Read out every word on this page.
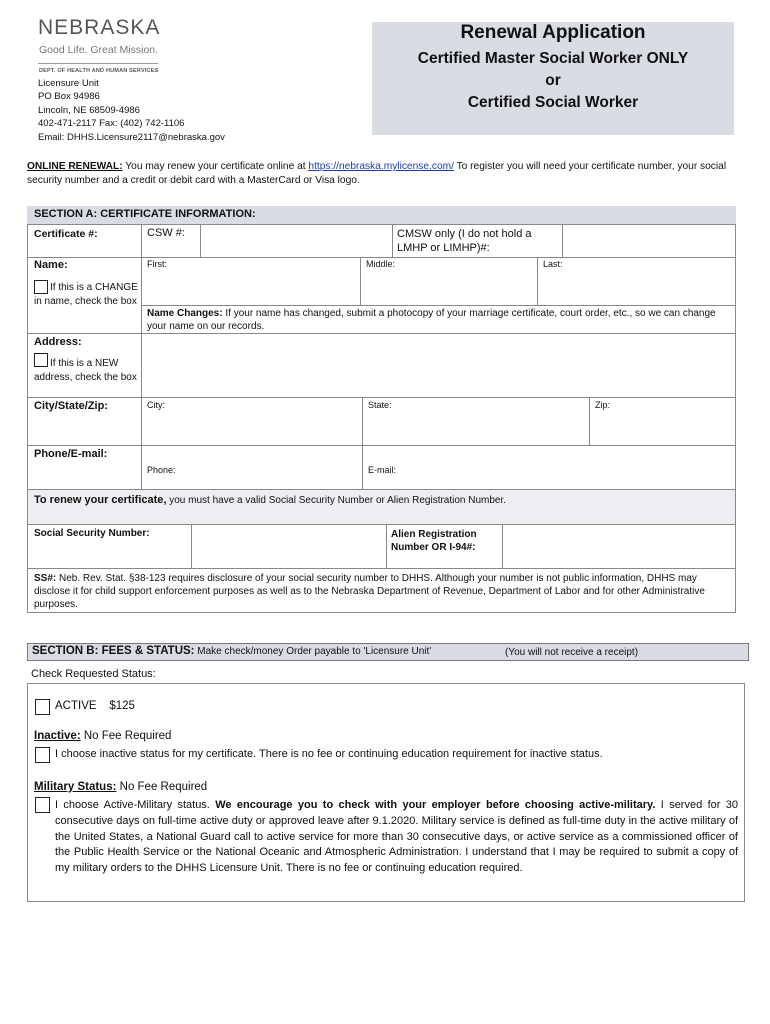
NEBRASKA
Good Life. Great Mission.
DEPT. OF HEALTH AND HUMAN SERVICES
Licensure Unit
PO Box 94986
Lincoln, NE 68509-4986
402-471-2117 Fax: (402) 742-1106
Email: DHHS.Licensure2117@nebraska.gov
Renewal Application
Certified Master Social Worker ONLY
or
Certified Social Worker
ONLINE RENEWAL: You may renew your certificate online at https://nebraska.mylicense.com/ To register you will need your certificate number, your social security number and a credit or debit card with a MasterCard or Visa logo.
SECTION A: CERTIFICATE INFORMATION:
Certificate #:	CSW #:	CMSW only (I do not hold a LMHP or LIMHP)#:
Name:	First:	Middle:	Last:
If this is a CHANGE in name, check the box
Name Changes: If your name has changed, submit a photocopy of your marriage certificate, court order, etc., so we can change your name on our records.
Address:
If this is a NEW address, check the box
City/State/Zip:	City:	State:	Zip:
Phone/E-mail:
Phone:	E-mail:
To renew your certificate, you must have a valid Social Security Number or Alien Registration Number.
Social Security Number:	Alien Registration Number OR I-94#:
SS#: Neb. Rev. Stat. §38-123 requires disclosure of your social security number to DHHS. Although your number is not public information, DHHS may disclose it for child support enforcement purposes as well as to the Nebraska Department of Revenue, Department of Labor and for other Administrative purposes.
SECTION B: FEES & STATUS: Make check/money Order payable to 'Licensure Unit'	(You will not receive a receipt)
Check Requested Status:
ACTIVE    $125
Inactive: No Fee Required
I choose inactive status for my certificate. There is no fee or continuing education requirement for inactive status.
Military Status: No Fee Required
I choose Active-Military status. We encourage you to check with your employer before choosing active-military. I served for 30 consecutive days on full-time active duty or approved leave after 9.1.2020. Military service is defined as full-time duty in the active military of the United States, a National Guard call to active service for more than 30 consecutive days, or active service as a commissioned officer of the Public Health Service or the National Oceanic and Atmospheric Administration. I understand that I may be required to submit a copy of my military orders to the DHHS Licensure Unit. There is no fee or continuing education required.
